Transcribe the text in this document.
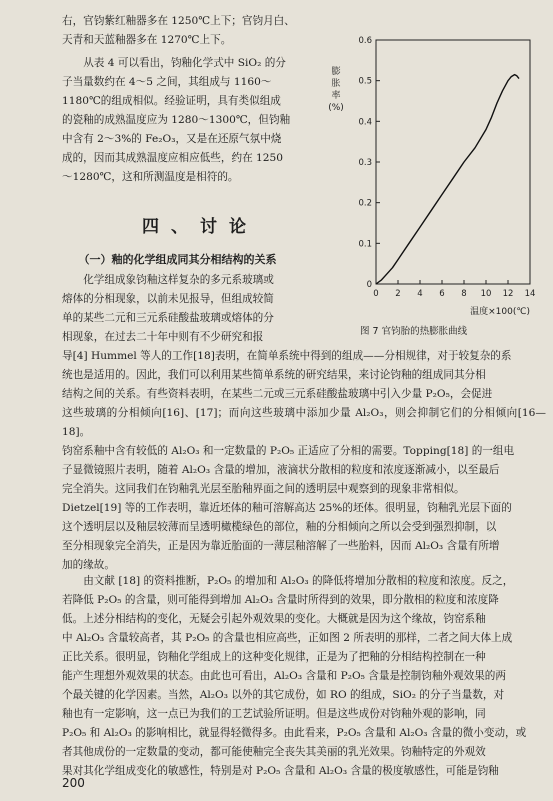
右，官钧紫红釉器多在 1250℃上下；官钧月白、

天青和天蓝釉器多在 1270℃上下。

从表 4 可以看出，钧釉化学式中 SiO₂ 的分

子当量数约在 4～5 之间，其组成与 1160～

1180℃的组成相似。经验证明，具有类似组成

的瓷釉的成熟温度应为 1280～1300℃，但钧釉

中含有 2～3%的 Fe₂O₃，又是在还原气氛中烧

成的，因而其成熟温度应相应低些，约在 1250

～1280℃，这和所测温度是相符的。

四、讨论
（一）釉的化学组成同其分相结构的关系

化学组成象钧釉这样复杂的多元系玻璃或

熔体的分相现象，以前未见报导，但组成较简

单的某些二元和三元系硅酸盐玻璃或熔体的分

相现象，在过去二十年中则有不少研究和报

0 2 4 6 8 10 12 14
0
0.1
0.2
0.3
0.4
0.5
0.6
膨
胀
率
(%)
温度×100(℃)
图 7 官钧胎的热膨胀曲线

导[4] Hummel 等人的工作[18]表明，在简单系统中得到的组成——分相规律，对于较复杂的系

统也是适用的。因此，我们可以利用某些简单系统的研究结果，来讨论钧釉的组成同其分相

结构之间的关系。有些资料表明，在某些二元或三元系硅酸盐玻璃中引入少量 P₂O₅，会促进

这些玻璃的分相倾向[16]、[17]；而向这些玻璃中添加少量 Al₂O₃，则会抑制它们的分相倾向[16—18]。

钧窑系釉中含有较低的 Al₂O₃ 和一定数量的 P₂O₅ 正适应了分相的需要。Topping[18] 的一组电

子显微镜照片表明，随着 Al₂O₃ 含量的增加，液滴状分散相的粒度和浓度逐渐减小，以至最后

完全消失。这同我们在钧釉乳光层至胎釉界面之间的透明层中观察到的现象非常相似。

Dietzel[19] 等的工作表明，靠近坯体的釉可溶解高达 25%的坯体。很明显，钧釉乳光层下面的

这个透明层以及釉层较薄而呈透明橄榄绿色的部位，釉的分相倾向之所以会受到强烈抑制，以

至分相现象完全消失，正是因为靠近胎面的一薄层釉溶解了一些胎料，因而 Al₂O₃ 含量有所增

加的缘故。

由文献 [18] 的资料推断，P₂O₅ 的增加和 Al₂O₃ 的降低将增加分散相的粒度和浓度。反之，

若降低 P₂O₅ 的含量，则可能得到增加 Al₂O₃ 含量时所得到的效果，即分散相的粒度和浓度降

低。上述分相结构的变化，无疑会引起外观效果的变化。大概就是因为这个缘故，钧窑系釉

中 Al₂O₃ 含量较高者，其 P₂O₅ 的含量也相应高些，正如图 2 所表明的那样，二者之间大体上成

正比关系。很明显，钧釉化学组成上的这种变化规律，正是为了把釉的分相结构控制在一种

能产生理想外观效果的状态。由此也可看出，Al₂O₃ 含量和 P₂O₅ 含量是控制钧釉外观效果的两

个最关键的化学因素。当然，Al₂O₃ 以外的其它成份，如 RO 的组成，SiO₂ 的分子当量数，对

釉也有一定影响，这一点已为我们的工艺试验所证明。但是这些成份对钧釉外观的影响，同

P₂O₅ 和 Al₂O₃ 的影响相比，就显得轻微得多。由此看来，P₂O₅ 含量和 Al₂O₃ 含量的微小变动，或

者其他成份的一定数量的变动，都可能使釉完全丧失其美丽的乳光效果。钧釉特定的外观效

果对其化学组成变化的敏感性，特别是对 P₂O₅ 含量和 Al₂O₃ 含量的极度敏感性，可能是钧釉

200
